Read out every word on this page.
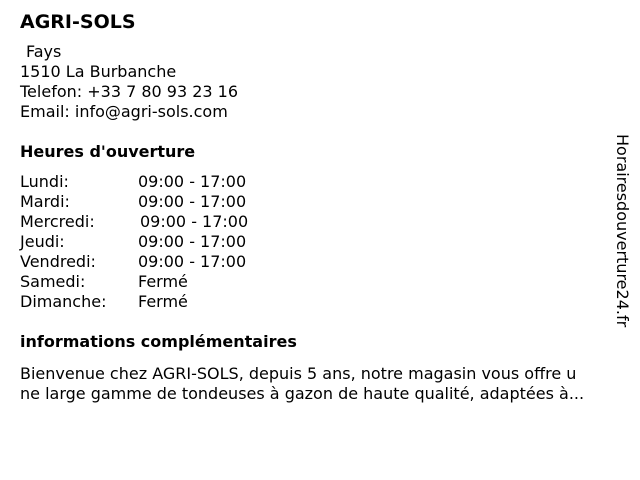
AGRI-SOLS
Fays
1510 La Burbanche
Telefon: +33 7 80 93 23 16
Email: info@agri-sols.com
Heures d'ouverture
Lundi:	09:00 - 17:00
Mardi:	09:00 - 17:00
Mercredi:	09:00 - 17:00
Jeudi:	09:00 - 17:00
Vendredi:	09:00 - 17:00
Samedi:	Fermé
Dimanche:	Fermé
informations complémentaires
Bienvenue chez AGRI-SOLS, depuis 5 ans, notre magasin vous offre u
ne large gamme de tondeuses à gazon de haute qualité, adaptées à...
Horairesdouverture24.fr
